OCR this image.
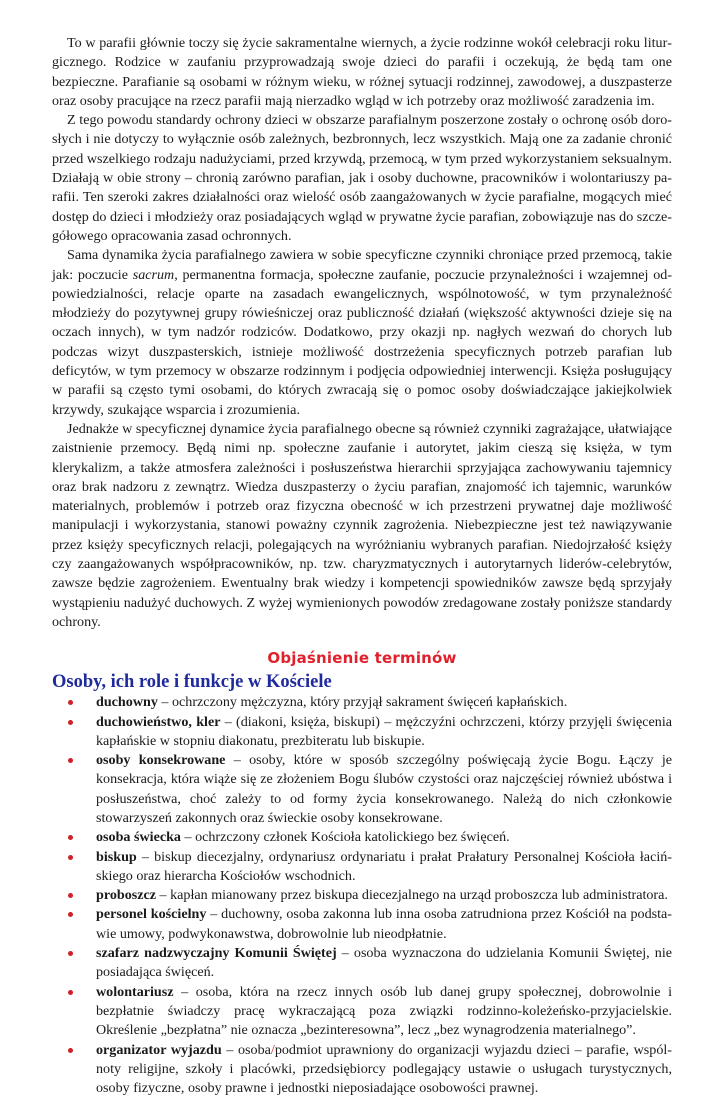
To w parafii głównie toczy się życie sakramentalne wiernych, a życie rodzinne wokół celebracji roku liturgicznego. Rodzice w zaufaniu przyprowadzają swoje dzieci do parafii i oczekują, że będą tam one bezpieczne. Parafianie są osobami w różnym wieku, w różnej sytuacji rodzinnej, zawodowej, a duszpasterze oraz osoby pracujące na rzecz parafii mają nierzadko wgląd w ich potrzeby oraz możliwość zaradzenia im.

Z tego powodu standardy ochrony dzieci w obszarze parafialnym poszerzone zostały o ochronę osób dorosłych i nie dotyczy to wyłącznie osób zależnych, bezbronnych, lecz wszystkich. Mają one za zadanie chronić przed wszelkiego rodzaju nadużyciami, przed krzywdą, przemocą, w tym przed wykorzystaniem seksualnym. Działają w obie strony – chronią zarówno parafian, jak i osoby duchowne, pracowników i wolontariuszy parafii. Ten szeroki zakres działalności oraz wielość osób zaangażowanych w życie parafialne, mogących mieć dostęp do dzieci i młodzieży oraz posiadających wgląd w prywatne życie parafian, zobowiązuje nas do szczegółowego opracowania zasad ochronnych.

Sama dynamika życia parafialnego zawiera w sobie specyficzne czynniki chroniące przed przemocą, takie jak: poczucie sacrum, permanentna formacja, społeczne zaufanie, poczucie przynależności i wzajemnej odpowiedzialności, relacje oparte na zasadach ewangelicznych, wspólnotowość, w tym przynależność młodzieży do pozytywnej grupy rówieśniczej oraz publiczność działań (większość aktywności dzieje się na oczach innych), w tym nadzór rodziców. Dodatkowo, przy okazji np. nagłych wezwań do chorych lub podczas wizyt duszpasterskich, istnieje możliwość dostrzeżenia specyficznych potrzeb parafian lub deficytów, w tym przemocy w obszarze rodzinnym i podjęcia odpowiedniej interwencji. Księża posługujący w parafii są często tymi osobami, do których zwracają się o pomoc osoby doświadczające jakiejkolwiek krzywdy, szukające wsparcia i zrozumienia.

Jednakże w specyficznej dynamice życia parafialnego obecne są również czynniki zagrażające, ułatwiające zaistnienie przemocy. Będą nimi np. społeczne zaufanie i autorytet, jakim cieszą się księża, w tym klerykalizm, a także atmosfera zależności i posłuszeństwa hierarchii sprzyjająca zachowywaniu tajemnicy oraz brak nadzoru z zewnątrz. Wiedza duszpasterzy o życiu parafian, znajomość ich tajemnic, warunków materialnych, problemów i potrzeb oraz fizyczna obecność w ich przestrzeni prywatnej daje możliwość manipulacji i wykorzystania, stanowi poważny czynnik zagrożenia. Niebezpieczne jest też nawiązywanie przez księży specyficznych relacji, polegających na wyróżnianiu wybranych parafian. Niedojrzałość księży czy zaangażowanych współpracowników, np. tzw. charyzmatycznych i autorytarnych liderów-celebrytów, zawsze będzie zagrożeniem. Ewentualny brak wiedzy i kompetencji spowiedników zawsze będą sprzyjały wystąpieniu nadużyć duchowych. Z wyżej wymienionych powodów zredagowane zostały poniższe standardy ochrony.

Objaśnienie terminów
Osoby, ich role i funkcje w Kościele
duchowny – ochrzczony mężczyzna, który przyjął sakrament święceń kapłańskich.
duchowieństwo, kler – (diakoni, księża, biskupi) – mężczyźni ochrzczeni, którzy przyjęli święcenia kapłańskie w stopniu diakonatu, prezbiteratu lub biskupie.
osoby konsekrowane – osoby, które w sposób szczególny poświęcają życie Bogu. Łączy je konsekracja, która wiąże się ze złożeniem Bogu ślubów czystości oraz najczęściej również ubóstwa i posłuszeństwa, choć zależy to od formy życia konsekrowanego. Należą do nich członkowie stowarzyszeń zakonnych oraz świeckie osoby konsekrowane.
osoba świecka – ochrzczony członek Kościoła katolickiego bez święceń.
biskup – biskup diecezjalny, ordynariusz ordynariatu i prałat Prałatury Personalnej Kościoła łacińskiego oraz hierarcha Kościołów wschodnich.
proboszcz – kapłan mianowany przez biskupa diecezjalnego na urząd proboszcza lub administratora.
personel kościelny – duchowny, osoba zakonna lub inna osoba zatrudniona przez Kościół na podstawie umowy, podwykonawstwa, dobrowolnie lub nieodpłatnie.
szafarz nadzwyczajny Komunii Świętej – osoba wyznaczona do udzielania Komunii Świętej, nie posiadająca święceń.
wolontariusz – osoba, która na rzecz innych osób lub danej grupy społecznej, dobrowolnie i bezpłatnie świadczy pracę wykraczającą poza związki rodzinno-koleżeńsko-przyjacielskie. Określenie „bezpłatna” nie oznacza „bezinteresowna”, lecz „bez wynagrodzenia materialnego”.
organizator wyjazdu – osoba/podmiot uprawniony do organizacji wyjazdu dzieci – parafie, wspólnoty religijne, szkoły i placówki, przedsiębiorcy podlegający ustawie o usługach turystycznych, osoby fizyczne, osoby prawne i jednostki nieposiadające osobowości prawnej.
